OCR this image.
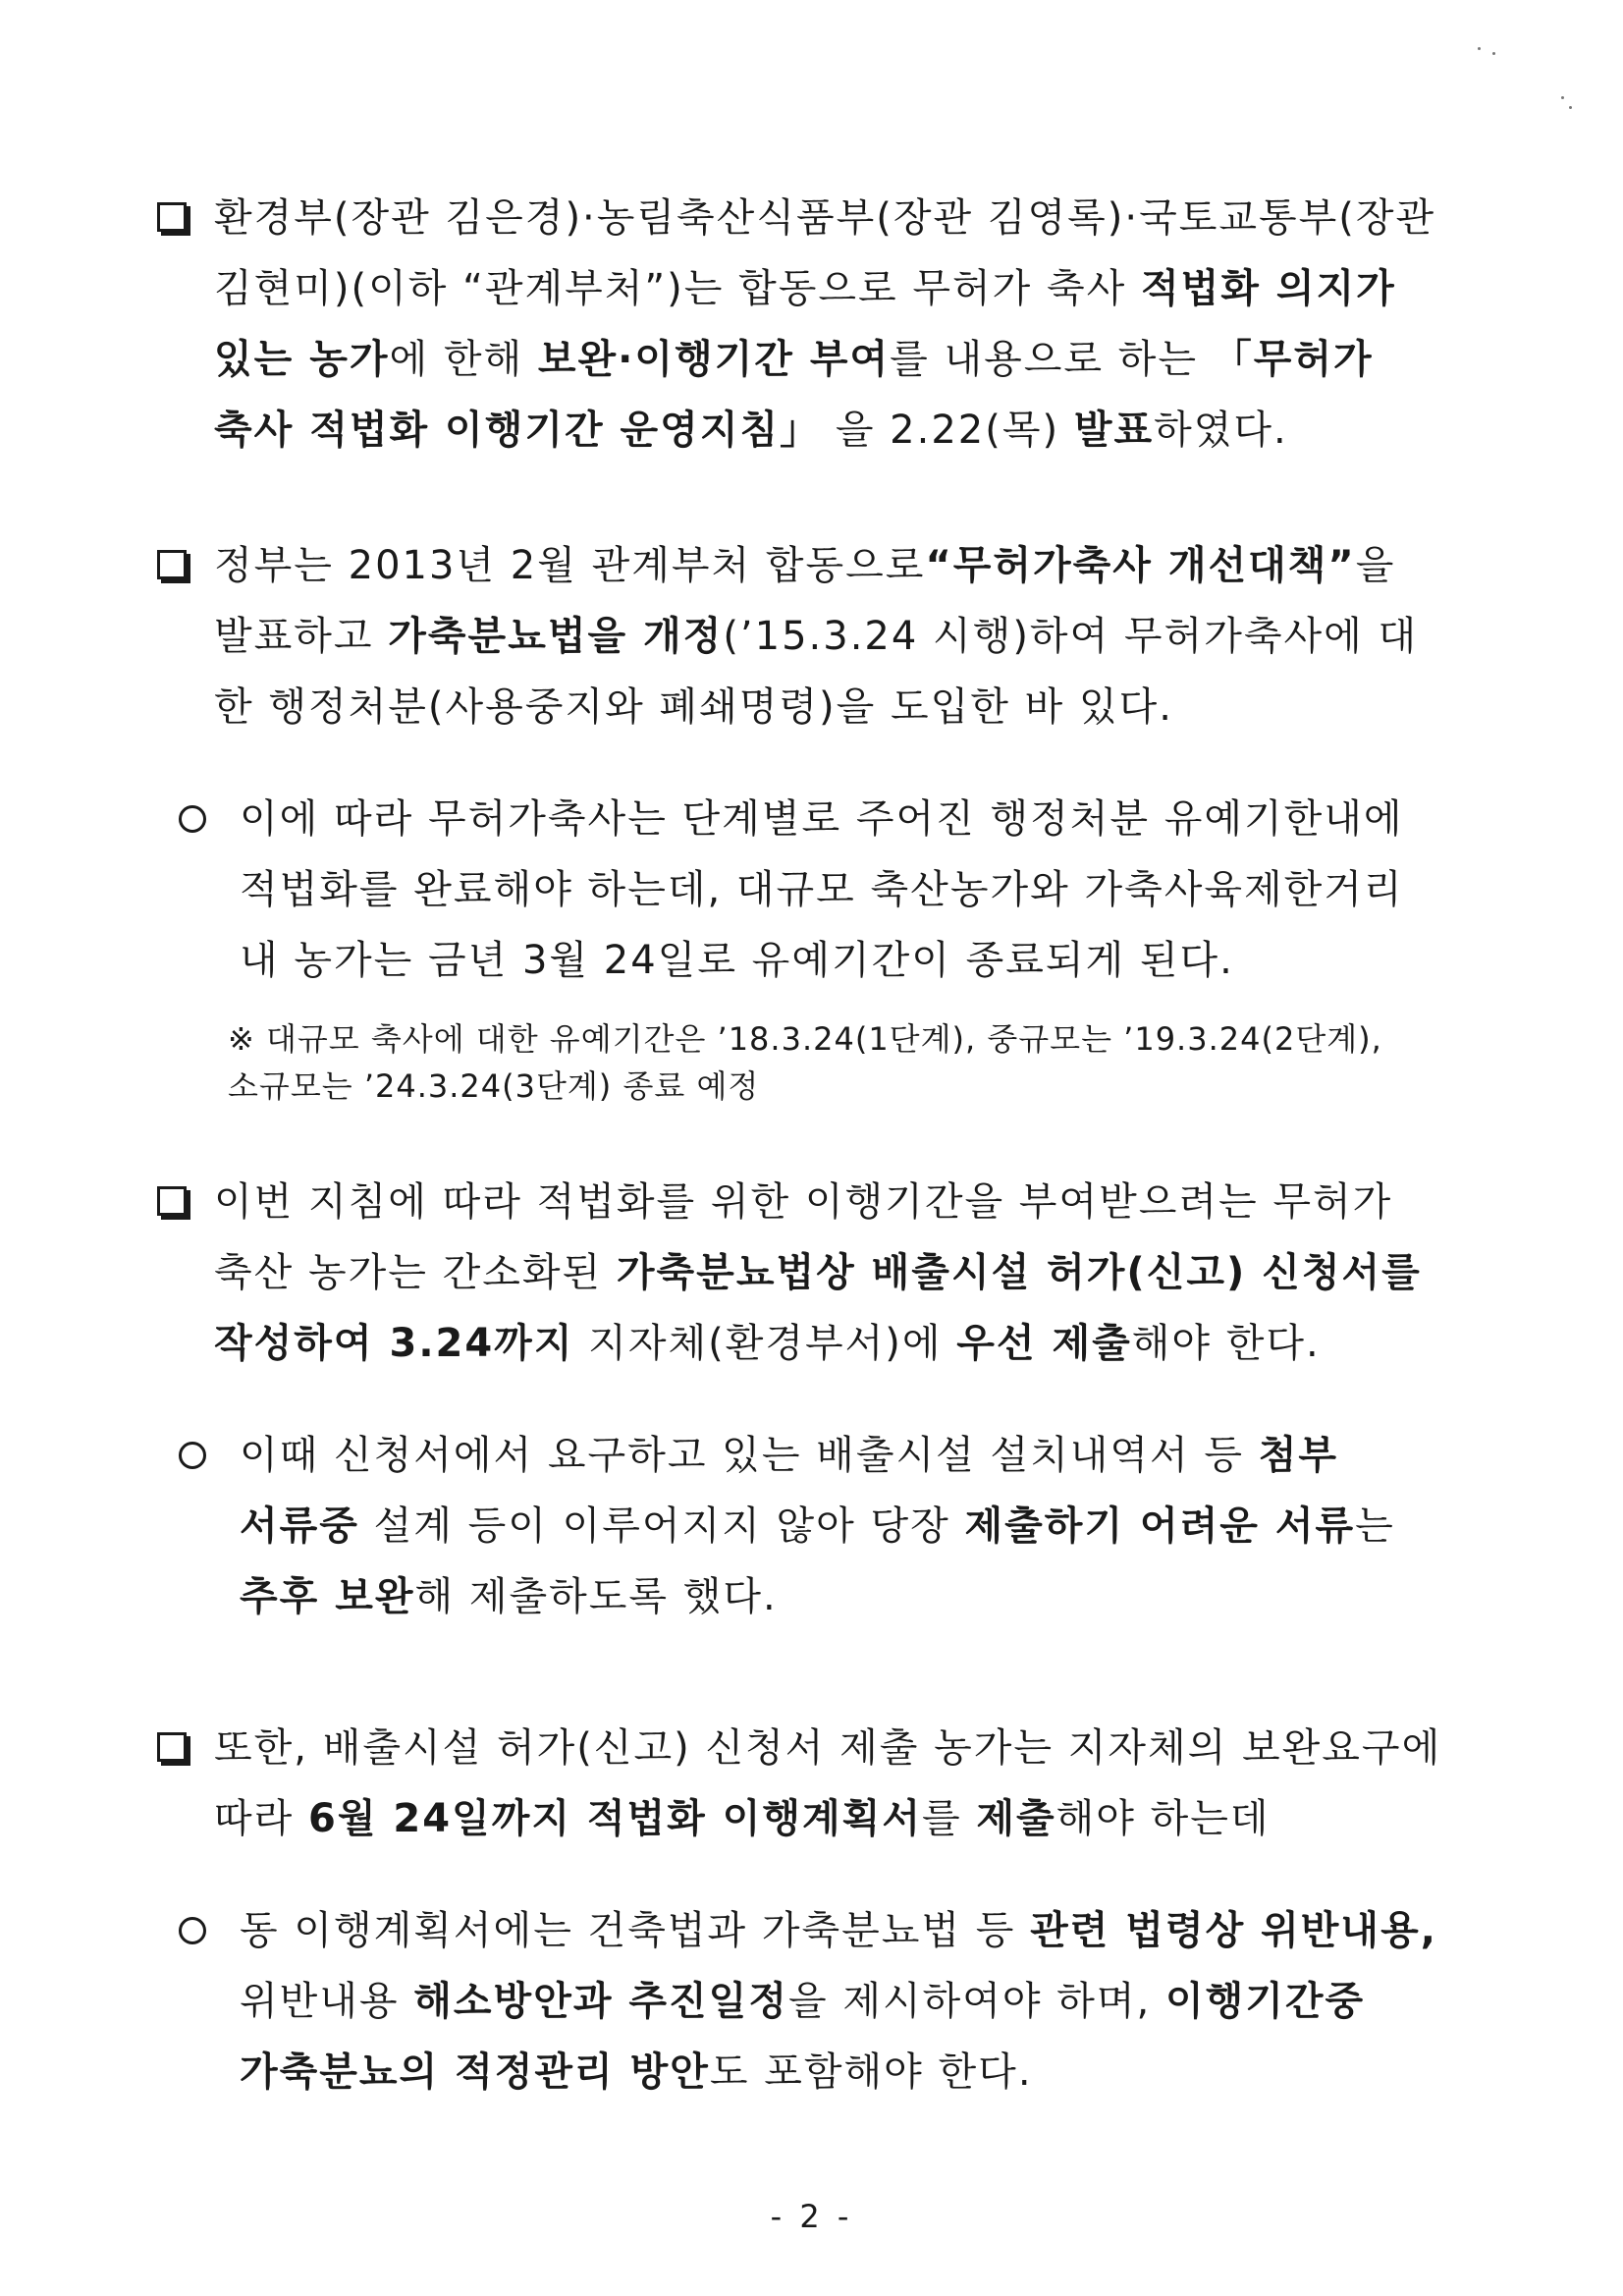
환경부(장관 김은경)·농림축산식품부(장관 김영록)·국토교통부(장관
김현미)(이하 “관계부처”)는 합동으로 무허가 축사 적법화 의지가
있는 농가에 한해 보완·이행기간 부여를 내용으로 하는 「무허가
축사 적법화 이행기간 운영지침」 을 2.22(목) 발표하였다.
정부는 2013년 2월 관계부처 합동으로“무허가축사 개선대책”을
발표하고 가축분뇨법을 개정(’15.3.24 시행)하여 무허가축사에 대
한 행정처분(사용중지와 폐쇄명령)을 도입한 바 있다.
이에 따라 무허가축사는 단계별로 주어진 행정처분 유예기한내에
적법화를 완료해야 하는데, 대규모 축산농가와 가축사육제한거리
내 농가는 금년 3월 24일로 유예기간이 종료되게 된다.
※ 대규모 축사에 대한 유예기간은 ’18.3.24(1단계), 중규모는 ’19.3.24(2단계),
소규모는 ’24.3.24(3단계) 종료 예정
이번 지침에 따라 적법화를 위한 이행기간을 부여받으려는 무허가
축산 농가는 간소화된 가축분뇨법상 배출시설 허가(신고) 신청서를
작성하여 3.24까지 지자체(환경부서)에 우선 제출해야 한다.
이때 신청서에서 요구하고 있는 배출시설 설치내역서 등 첨부
서류중 설계 등이 이루어지지 않아 당장 제출하기 어려운 서류는
추후 보완해 제출하도록 했다.
또한, 배출시설 허가(신고) 신청서 제출 농가는 지자체의 보완요구에
따라 6월 24일까지 적법화 이행계획서를 제출해야 하는데
동 이행계획서에는 건축법과 가축분뇨법 등 관련 법령상 위반내용,
위반내용 해소방안과 추진일정을 제시하여야 하며, 이행기간중
가축분뇨의 적정관리 방안도 포함해야 한다.
- 2 -
